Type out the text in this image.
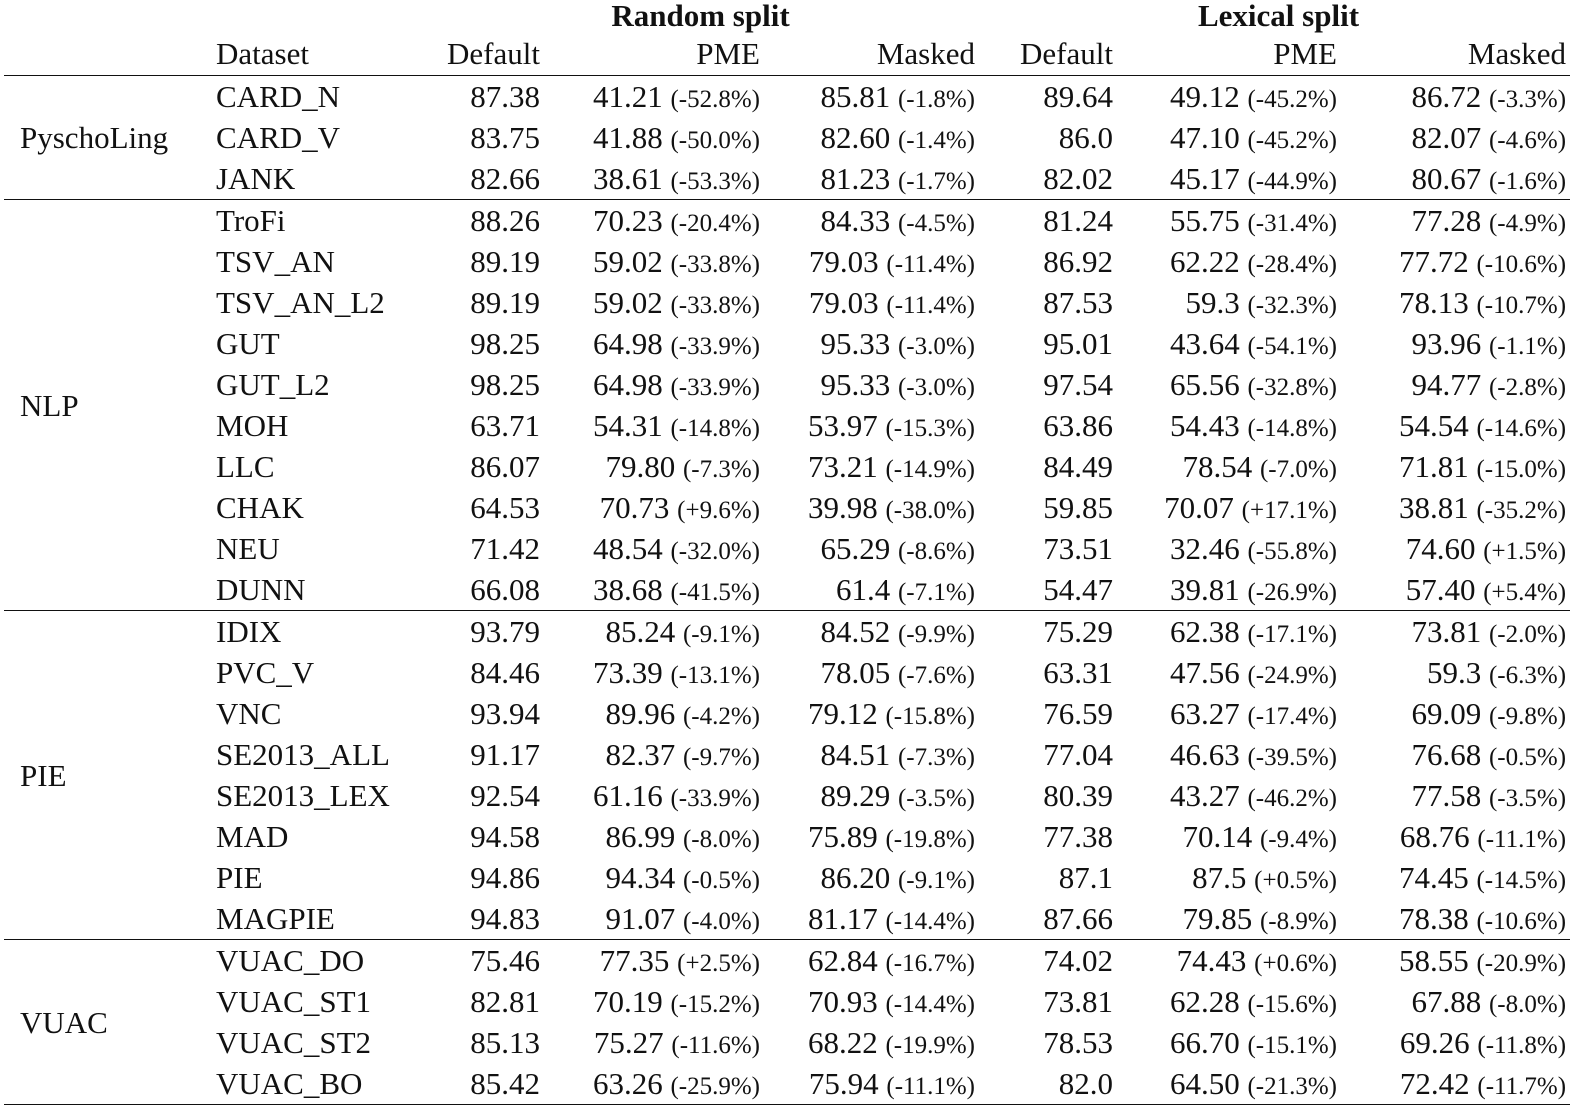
		Random split			Lexical split		
	Dataset	Default	PME	Masked	Default	PME	Masked
PyschoLing	CARD_N	87.38	41.21 (-52.8%)	85.81 (-1.8%)	89.64	49.12 (-45.2%)	86.72 (-3.3%)
	CARD_V	83.75	41.88 (-50.0%)	82.60 (-1.4%)	86.0	47.10 (-45.2%)	82.07 (-4.6%)
	JANK	82.66	38.61 (-53.3%)	81.23 (-1.7%)	82.02	45.17 (-44.9%)	80.67 (-1.6%)
NLP	TroFi	88.26	70.23 (-20.4%)	84.33 (-4.5%)	81.24	55.75 (-31.4%)	77.28 (-4.9%)
	TSV_AN	89.19	59.02 (-33.8%)	79.03 (-11.4%)	86.92	62.22 (-28.4%)	77.72 (-10.6%)
	TSV_AN_L2	89.19	59.02 (-33.8%)	79.03 (-11.4%)	87.53	59.3 (-32.3%)	78.13 (-10.7%)
	GUT	98.25	64.98 (-33.9%)	95.33 (-3.0%)	95.01	43.64 (-54.1%)	93.96 (-1.1%)
	GUT_L2	98.25	64.98 (-33.9%)	95.33 (-3.0%)	97.54	65.56 (-32.8%)	94.77 (-2.8%)
	MOH	63.71	54.31 (-14.8%)	53.97 (-15.3%)	63.86	54.43 (-14.8%)	54.54 (-14.6%)
	LLC	86.07	79.80 (-7.3%)	73.21 (-14.9%)	84.49	78.54 (-7.0%)	71.81 (-15.0%)
	CHAK	64.53	70.73 (+9.6%)	39.98 (-38.0%)	59.85	70.07 (+17.1%)	38.81 (-35.2%)
	NEU	71.42	48.54 (-32.0%)	65.29 (-8.6%)	73.51	32.46 (-55.8%)	74.60 (+1.5%)
	DUNN	66.08	38.68 (-41.5%)	61.4 (-7.1%)	54.47	39.81 (-26.9%)	57.40 (+5.4%)
PIE	IDIX	93.79	85.24 (-9.1%)	84.52 (-9.9%)	75.29	62.38 (-17.1%)	73.81 (-2.0%)
	PVC_V	84.46	73.39 (-13.1%)	78.05 (-7.6%)	63.31	47.56 (-24.9%)	59.3 (-6.3%)
	VNC	93.94	89.96 (-4.2%)	79.12 (-15.8%)	76.59	63.27 (-17.4%)	69.09 (-9.8%)
	SE2013_ALL	91.17	82.37 (-9.7%)	84.51 (-7.3%)	77.04	46.63 (-39.5%)	76.68 (-0.5%)
	SE2013_LEX	92.54	61.16 (-33.9%)	89.29 (-3.5%)	80.39	43.27 (-46.2%)	77.58 (-3.5%)
	MAD	94.58	86.99 (-8.0%)	75.89 (-19.8%)	77.38	70.14 (-9.4%)	68.76 (-11.1%)
	PIE	94.86	94.34 (-0.5%)	86.20 (-9.1%)	87.1	87.5 (+0.5%)	74.45 (-14.5%)
	MAGPIE	94.83	91.07 (-4.0%)	81.17 (-14.4%)	87.66	79.85 (-8.9%)	78.38 (-10.6%)
VUAC	VUAC_DO	75.46	77.35 (+2.5%)	62.84 (-16.7%)	74.02	74.43 (+0.6%)	58.55 (-20.9%)
	VUAC_ST1	82.81	70.19 (-15.2%)	70.93 (-14.4%)	73.81	62.28 (-15.6%)	67.88 (-8.0%)
	VUAC_ST2	85.13	75.27 (-11.6%)	68.22 (-19.9%)	78.53	66.70 (-15.1%)	69.26 (-11.8%)
	VUAC_BO	85.42	63.26 (-25.9%)	75.94 (-11.1%)	82.0	64.50 (-21.3%)	72.42 (-11.7%)
